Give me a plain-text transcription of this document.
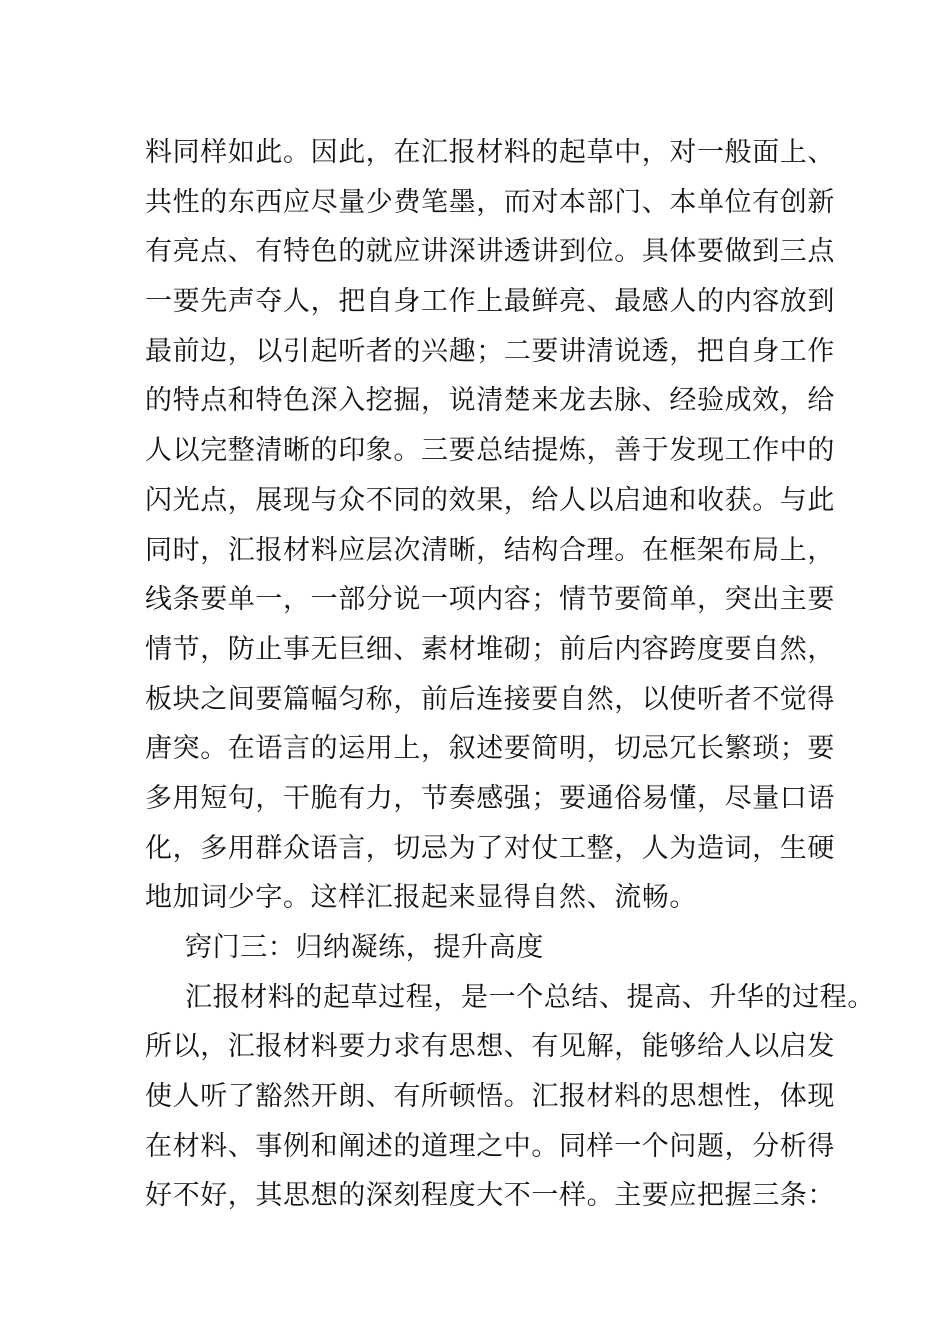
料同样如此。因此，在汇报材料的起草中，对一般面上、
共性的东西应尽量少费笔墨，而对本部门、本单位有创新
有亮点、有特色的就应讲深讲透讲到位。具体要做到三点
一要先声夺人，把自身工作上最鲜亮、最感人的内容放到
最前边，以引起听者的兴趣；二要讲清说透，把自身工作
的特点和特色深入挖掘，说清楚来龙去脉、经验成效，给
人以完整清晰的印象。三要总结提炼，善于发现工作中的
闪光点，展现与众不同的效果，给人以启迪和收获。与此
同时，汇报材料应层次清晰，结构合理。在框架布局上，
线条要单一，一部分说一项内容；情节要简单，突出主要
情节，防止事无巨细、素材堆砌；前后内容跨度要自然，
板块之间要篇幅匀称，前后连接要自然，以使听者不觉得
唐突。在语言的运用上，叙述要简明，切忌冗长繁琐；要
多用短句，干脆有力，节奏感强；要通俗易懂，尽量口语
化，多用群众语言，切忌为了对仗工整，人为造词，生硬
地加词少字。这样汇报起来显得自然、流畅。
窍门三：归纳凝练，提升高度
汇报材料的起草过程，是一个总结、提高、升华的过程。
所以，汇报材料要力求有思想、有见解，能够给人以启发
使人听了豁然开朗、有所顿悟。汇报材料的思想性，体现
在材料、事例和阐述的道理之中。同样一个问题，分析得
好不好，其思想的深刻程度大不一样。主要应把握三条：
